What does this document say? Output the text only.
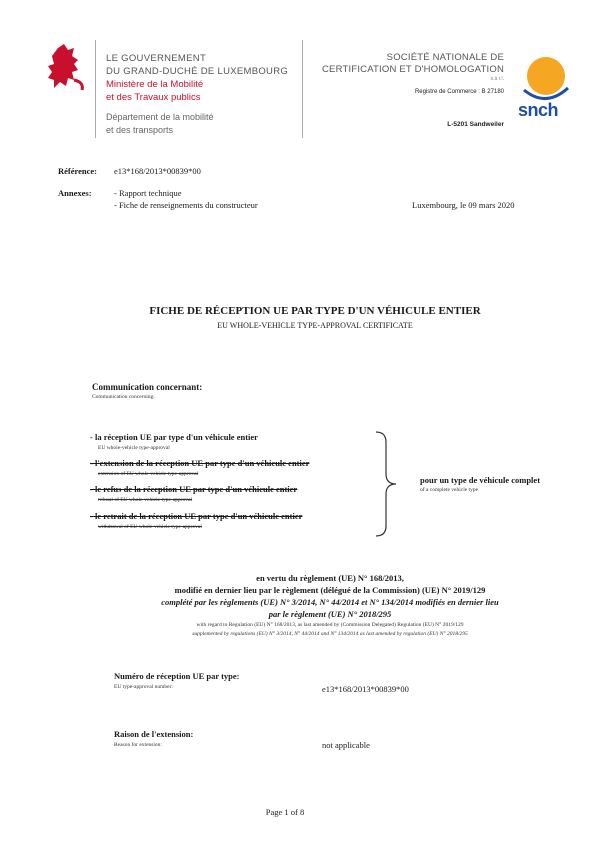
LE GOUVERNEMENT
DU GRAND-DUCHÉ DE LUXEMBOURG
Ministère de la Mobilité
et des Travaux publics
Département de la mobilité
et des transports
SOCIÉTÉ NATIONALE DE
CERTIFICATION ET D'HOMOLOGATION
s.à r.l.
Registre de Commerce : B 27180
L-5201 Sandweiler
snch
Référence: e13*168/2013*00839*00
Annexes:	- Rapport technique
- Fiche de renseignements du constructeur	Luxembourg, le 09 mars 2020
FICHE DE RÉCEPTION UE PAR TYPE D'UN VÉHICULE ENTIER
EU WHOLE-VEHICLE TYPE-APPROVAL CERTIFICATE
Communication concernant:
Communication concerning:
- la réception UE par type d'un véhicule entier
EU whole-vehicle type-approval
- l'extension de la réception UE par type d'un véhicule entier
extension of EU whole-vehicle type-approval
- le refus de la réception UE par type d'un véhicule entier
refusal of EU whole-vehicle type-approval
- le retrait de la réception UE par type d'un véhicule entier
withdrawal of EU whole-vehicle type-approval
pour un type de véhicule complet
of a complete vehicle type
en vertu du règlement (UE) N° 168/2013,
modifié en dernier lieu par le règlement (délégué de la Commission) (UE) N° 2019/129
complété par les règlements (UE) N° 3/2014, N° 44/2014 et N° 134/2014 modifiés en dernier lieu
par le règlement (UE) N° 2018/295
with regard to Regulation (EU) N° 168/2013, as last amended by (Commission Delegated) Regulation (EU) N° 2019/129
supplemented by regulations (EU) N° 3/2014, N° 44/2014 and N° 134/2014 as last amended by regulation (EU) N° 2018/295
Numéro de réception UE par type:
EU type-approval number:	e13*168/2013*00839*00
Raison de l'extension:
Reason for extension:	not applicable
Page 1 of 8
